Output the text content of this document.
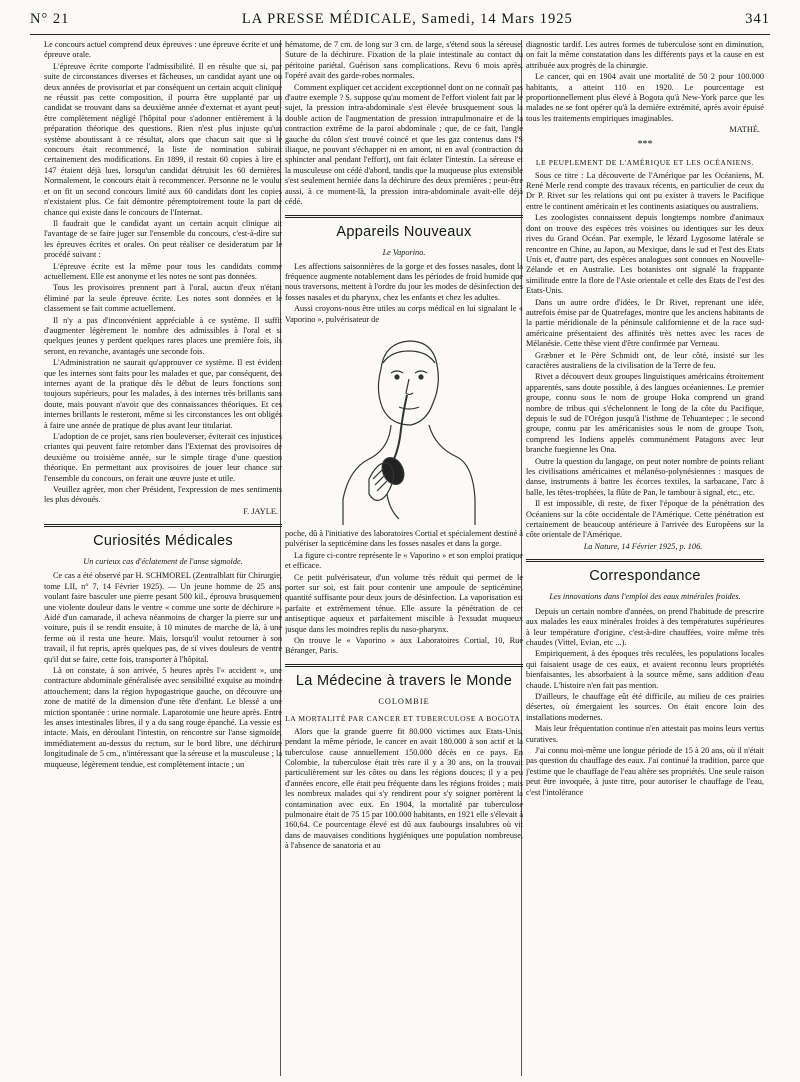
N° 21	LA PRESSE MÉDICALE, Samedi, 14 Mars 1925	341

Le concours actuel comprend deux épreuves : une épreuve écrite et une épreuve orale.

L'épreuve écrite comporte l'admissibilité. Il en résulte que si, par suite de circonstances diverses et fâcheuses, un candidat ayant une ou deux années de provisoriat et par conséquent un certain acquit clinique ne réussit pas cette composition, il pourra être supplanté par un candidat se trouvant dans sa deuxième année d'externat et ayant peut-être complètement négligé l'hôpital pour s'adonner entièrement à la préparation théorique des questions. Rien n'est plus injuste qu'un système aboutissant à ce résultat, alors que chacun sait que si le concours était recommencé, la liste de nomination subirait certainement des modifications. En 1899, il restait 60 copies à lire et 147 étaient déjà lues, lorsqu'un candidat détruisit les 60 dernières. Normalement, le concours était à recommencer. Personne ne le voulut et on fit un second concours limité aux 60 candidats dont les copies n'existaient plus. Ce fait démontre péremptoirement toute la part de chance qui existe dans le concours de l'Internat.

Il faudrait que le candidat ayant un certain acquit clinique ait l'avantage de se faire juger sur l'ensemble du concours, c'est-à-dire sur les épreuves écrites et orales. On peut réaliser ce desideratum par le procédé suivant :

L'épreuve écrite est la même pour tous les candidats comme actuellement. Elle est anonyme et les notes ne sont pas données.

Tous les provisoires prennent part à l'oral, aucun d'eux n'étant éliminé par la seule épreuve écrite. Les notes sont données et le classement se fait comme actuellement.

Il n'y a pas d'inconvénient appréciable à ce système. Il suffit d'augmenter légèrement le nombre des admissibles à l'oral et si quelques jeunes y perdent quelques rares places une première fois, ils seront, en revanche, avantagés une seconde fois.

L'Administration ne saurait qu'approuver ce système. Il est évident que les internes sont faits pour les malades et que, par conséquent, des internes ayant de la pratique dès le début de leurs fonctions sont toujours supérieurs, pour les malades, à des internes très brillants sans doute, mais pouvant n'avoir que des connaissances théoriques. Et ces internes brillants le resteront, même si les circonstances les ont obligés à faire une année de pratique de plus avant leur titulariat.

L'adoption de ce projet, sans rien bouleverser, éviterait ces injustices criantes qui peuvent faire retomber dans l'Externat des provisoires de deuxième ou troisième année, sur le simple tirage d'une question théorique. En permettant aux provisoires de jouer leur chance sur l'ensemble du concours, on ferait une œuvre juste et utile.

Veuillez agréer, mon cher Président, l'expression de mes sentiments les plus dévoués.

F. JAYLE.
Curiosités Médicales
Un curieux cas d'éclatement de l'anse sigmoïde.

Ce cas a été observé par H. SCHMOREL (Zentralblatt für Chirurgie, tome LII, n° 7, 14 Février 1925). — Un jeune homme de 25 ans, voulant faire basculer une pierre pesant 500 kil., éprouva brusquement une violente douleur dans le ventre « comme une sorte de déchirure ». Aidé d'un camarade, il acheva néanmoins de charger la pierre sur une voiture, puis il se rendit ensuite, à 10 minutes de marche de là, à une ferme où il resta une heure. Mais, lorsqu'il voulut retourner à son travail, il fut repris, après quelques pas, de si vives douleurs de ventre qu'il dut se faire, cette fois, transporter à l'hôpital.

Là on constate, à son arrivée, 5 heures après l'« accident », une contracture abdominale généralisée avec sensibilité exquise au moindre attouchement; dans la région hypogastrique gauche, on découvre une zone de matité de la dimension d'une tête d'enfant. Le blessé a une miction spontanée : urine normale. Laparotomie une heure après. Entre les anses intestinales libres, il y a du sang rouge épanché. La vessie est intacte. Mais, en déroulant l'intestin, on rencontre sur l'anse sigmoïde, immédiatement au-dessus du rectum, sur le bord libre, une déchirure longitudinale de 5 cm., n'intéressant que la séreuse et la musculeuse ; la muqueuse, légèrement tendue, est complètement intacte ; un

hématome, de 7 cm. de long sur 3 cm. de large, s'étend sous la séreuse. Suture de la déchirure. Fixation de la plaie intestinale au contact du péritoine pariétal. Guérison sans complications. Revu 6 mois après, l'opéré avait des garde-robes normales.

Comment expliquer cet accident exceptionnel dont on ne connaît pas d'autre exemple ? S. suppose qu'au moment de l'effort violent fait par le sujet, la pression intra-abdominale s'est élevée brusquement sous la double action de l'augmentation de pression intrapulmonaire et de la contraction extrême de la paroi abdominale ; que, de ce fait, l'angle gauche du côlon s'est trouvé coincé et que les gaz contenus dans l'S iliaque, ne pouvant s'échapper ni en amont, ni en aval (contraction du sphincter anal pendant l'effort), ont fait éclater l'intestin. La séreuse et la musculeuse ont cédé d'abord, tandis que la muqueuse plus extensible s'est seulement herniée dans la déchirure des deux premières ; peut-être aussi, à ce moment-là, la pression intra-abdominale avait-elle déjà cédé.

Appareils Nouveaux
Le Vaporino.

Les affections saisonnières de la gorge et des fosses nasales, dont la fréquence augmente notablement dans les périodes de froid humide que nous traversons, mettent à l'ordre du jour les modes de désinfection des fosses nasales et du pharynx, chez les enfants et chez les adultes.

Aussi croyons-nous être utiles au corps médical en lui signalant le « Vaporino », pulvérisateur de

poche, dû à l'initiative des laboratoires Cortial et spécialement destiné à pulvériser la septicémine dans les fosses nasales et dans la gorge.

La figure ci-contre représente le « Vaporino » et son emploi pratique et efficace.

Ce petit pulvérisateur, d'un volume très réduit qui permet de le porter sur soi, est fait pour contenir une ampoule de septicémine, quantité suffisante pour deux jours de désinfection. La vaporisation est parfaite et extrêmement ténue. Elle assure la pénétration de cet antiseptique aqueux et parfaitement miscible à l'exsudat muqueux jusque dans les moindres replis du naso-pharynx.

On trouve le « Vaporino » aux Laboratoires Cortial, 10, Rue Béranger, Paris.

La Médecine à travers le Monde
COLOMBIE
LA MORTALITÉ PAR CANCER ET TUBERCULOSE A BOGOTA.

Alors que la grande guerre fit 80.000 victimes aux Etats-Unis, pendant la même période, le cancer en avait 180.000 à son actif et la tuberculose cause annuellement 150.000 décès en ce pays. En Colombie, la tuberculose était très rare il y a 30 ans, on la trouvait particulièrement sur les côtes ou dans les régions douces; il y a peu d'années encore, elle était peu fréquente dans les régions froides ; mais les nombreux malades qui s'y rendirent pour s'y soigner portèrent la contamination avec eux. En 1904, la mortalité par tuberculose pulmonaire était de 75 15 par 100.000 habitants, en 1921 elle s'élevait à 160,64. Ce pourcentage élevé est dû aux faubourgs insalubres où vit dans de mauvaises conditions hygiéniques une population nombreuse, à l'absence de sanatoria et au

diagnostic tardif. Les autres formes de tuberculose sont en diminution, on fait la même constatation dans les différents pays et la cause en est attribuée aux progrès de la chirurgie.

Le cancer, qui en 1904 avait une mortalité de 50 2 pour 100.000 habitants, a atteint 110 en 1920. Le pourcentage est proportionnellement plus élevé à Bogota qu'à New-York parce que les malades ne se font opérer qu'à la dernière extrémité, après avoir épuisé tous les traitements empiriques imaginables.

MATHÉ.
***
LE PEUPLEMENT DE L'AMÉRIQUE ET LES OCÉANIENS.

Sous ce titre : La découverte de l'Amérique par les Océaniens, M. René Merle rend compte des travaux récents, en particulier de ceux du Dr P. Rivet sur les relations qui ont pu exister à travers le Pacifique entre le continent américain et les continents asiatiques ou australiens.

Les zoologistes connaissent depuis longtemps nombre d'animaux dont on trouve des espèces très voisines ou identiques sur les deux rives du Grand Océan. Par exemple, le lézard Lygosome latérale se rencontre en Chine, au Japon, au Mexique, dans le sud et l'est des Etats Unis et, d'autre part, des espèces analogues sont connues en Nouvelle-Zélande et en Australie. Les botanistes ont signalé la frappante similitude entre la flore de l'Asie orientale et celle des Etats de l'est des Etats-Unis.

Dans un autre ordre d'idées, le Dr Rivet, reprenant une idée, autrefois émise par de Quatrefages, montre que les anciens habitants de la partie méridionale de la péninsule californienne et de la race sud-américaine présentaient des affinités très nettes avec les races de Mélanésie. Cette thèse vient d'être confirmée par Verneau.

Græbner et le Père Schmidt ont, de leur côté, insisté sur les caractères australiens de la civilisation de la Terre de feu.

Rivet a découvert deux groupes linguistiques américains étroitement apparentés, sans doute possible, à des langues océaniennes. Le premier groupe, connu sous le nom de groupe Hoka comprend un grand nombre de tribus qui s'échelonnent le long de la côte du Pacifique, depuis le sud de l'Orégon jusqu'à l'isthme de Tehuantepec ; le second groupe, connu par les américanistes sous le nom de groupe Tson, comprend les Indiens appelés communément Patagons avec leur branche fuegienne les Ona.

Outre la question du langage, on peut noter nombre de points reliant les civilisations américaines et mélanéso-polynésiennes : masques de danse, instruments à battre les écorces textiles, la sarbacane, l'arc à balle, les têtes-trophées, la flûte de Pan, le tambour à signal, etc., etc.

Il est impossible, di reste, de fixer l'époque de la pénétration des Océaniens sur la côte occidentale de l'Amérique. Cette pénétration est certainement de beaucoup antérieure à l'arrivée des Européens sur la côte orientale de l'Amérique.

La Nature, 14 Février 1925, p. 106.
Correspondance
Les innovations dans l'emploi des eaux minérales froides.

Depuis un certain nombre d'années, on prend l'habitude de prescrire aux malades les eaux minérales froides à des températures supérieures à leur température d'origine, c'est-à-dire chauffées, voire même très chaudes (Vittel, Evian, etc ...).

Empiriquement, à des époques très reculées, les populations locales qui faisaient usage de ces eaux, et avaient reconnu leurs propriétés bienfaisantes, les absorbaient à la source même, sans addition d'eau chaude. L'histoire n'en fait pas mention.

D'ailleurs, le chauffage eût été difficile, au milieu de ces prairies désertes, où émergaient les sources. On était encore loin des installations modernes.

Mais leur fréquentation continue n'en attestait pas moins leurs vertus curatives.

J'ai connu moi-même une longue période de 15 à 20 ans, où il n'était pas question du chauffage des eaux. J'ai continué la tradition, parce que j'estime que le chauffage de l'eau altère ses propriétés. Une seule raison peut être invoquée, à juste titre, pour autoriser le chauffage de l'eau, c'est l'intolérance
